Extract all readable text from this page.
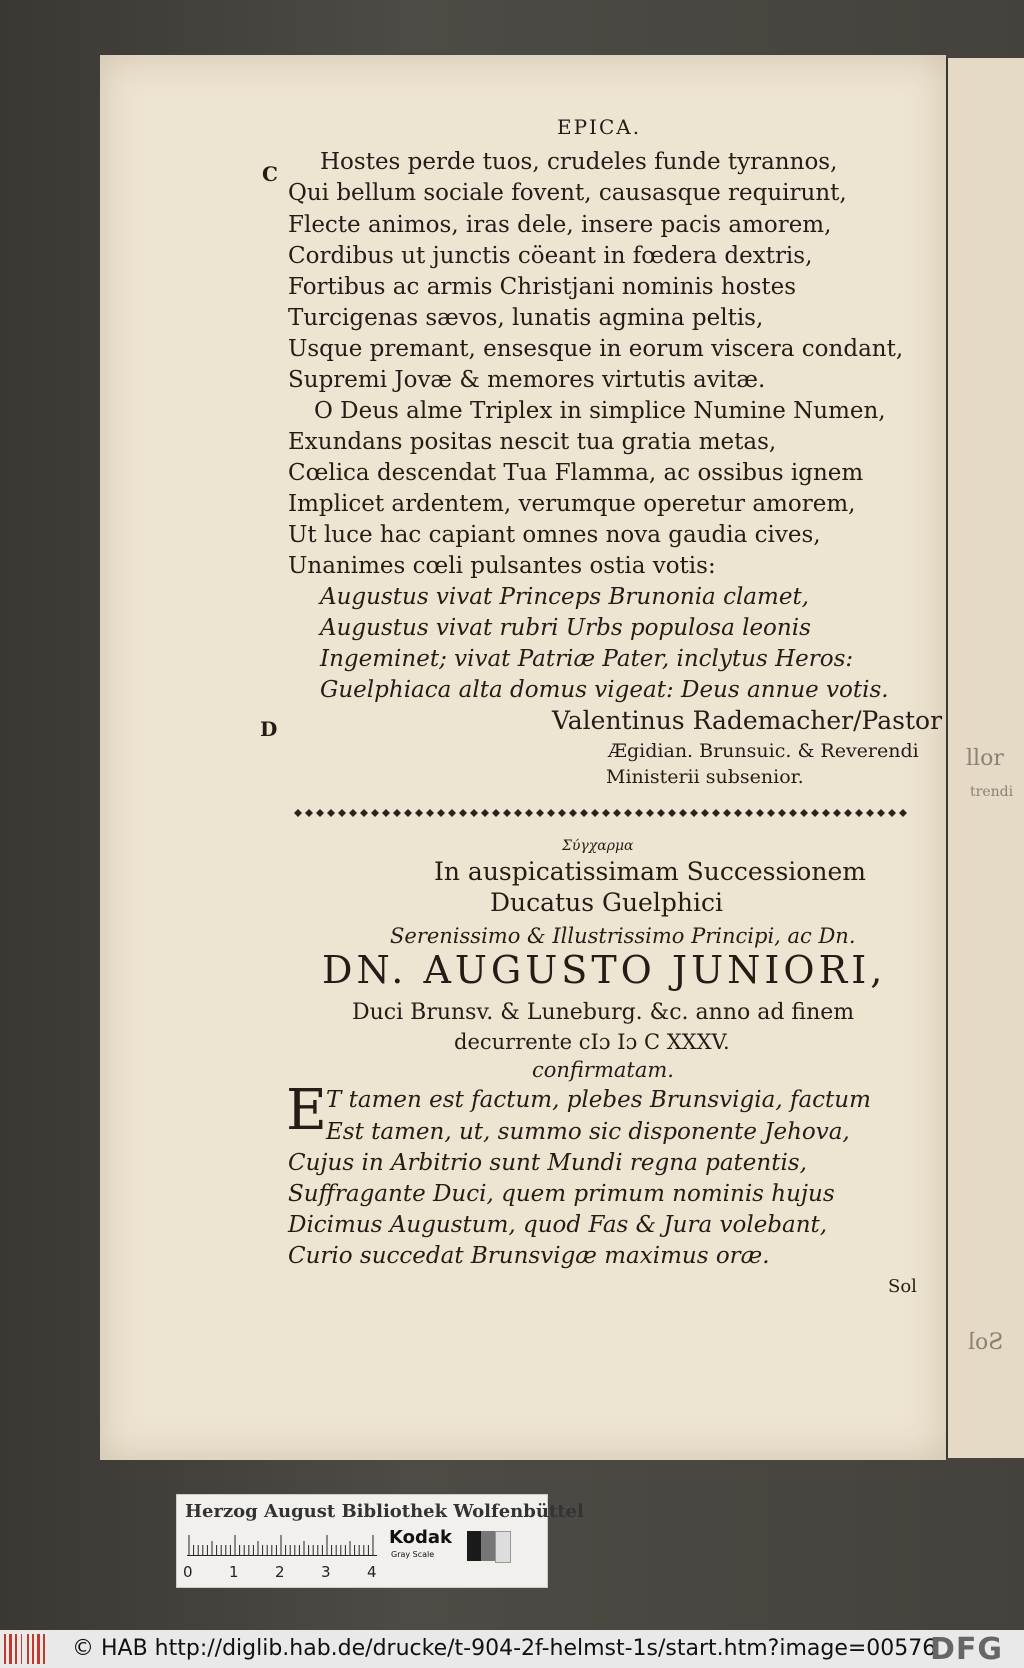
llor
trendi
Sol
EPICA.
C
D
Hostes perde tuos, crudeles funde tyrannos,
Qui bellum sociale fovent, causasque requirunt,
Flecte animos, iras dele, insere pacis amorem,
Cordibus ut junctis cöeant in fœdera dextris,
Fortibus ac armis Christjani nominis hostes
Turcigenas sævos, lunatis agmina peltis,
Usque premant, ensesque in eorum viscera condant,
Supremi Jovæ & memores virtutis avitæ.
O Deus alme Triplex in simplice Numine Numen,
Exundans positas nescit tua gratia metas,
Cœlica descendat Tua Flamma, ac ossibus ignem
Implicet ardentem, verumque operetur amorem,
Ut luce hac capiant omnes nova gaudia cives,
Unanimes cœli pulsantes ostia votis:
Augustus vivat Princeps Brunonia clamet,
Augustus vivat rubri Urbs populosa leonis
Ingeminet; vivat Patriæ Pater, inclytus Heros:
Guelphiaca alta domus vigeat: Deus annue votis.
Valentinus Rademacher/Pastor
Ægidian. Brunsuic. & Reverendi
Ministerii subsenior.
Σύγχαρμα
In auspicatissimam Successionem
Ducatus Guelphici
Serenissimo & Illustrissimo Principi, ac Dn.
DN. AUGUSTO JUNIORI,
Duci Brunsv. & Luneburg. &c. anno ad finem
decurrente cIɔ Iɔ C XXXV.
confirmatam.
E T tamen est factum, plebes Brunsvigia, factum
Est tamen, ut, summo sic disponente Jehova,
Cujus in Arbitrio sunt Mundi regna patentis,
Suffragante Duci, quem primum nominis hujus
Dicimus Augustum, quod Fas & Jura volebant,
Curio succedat Brunsvigæ maximus oræ.
Sol
Herzog August Bibliothek Wolfenbüttel
0 1 2 3 4
Kodak
Gray Scale
© HAB http://diglib.hab.de/drucke/t-904-2f-helmst-1s/start.htm?image=00576
DFG
